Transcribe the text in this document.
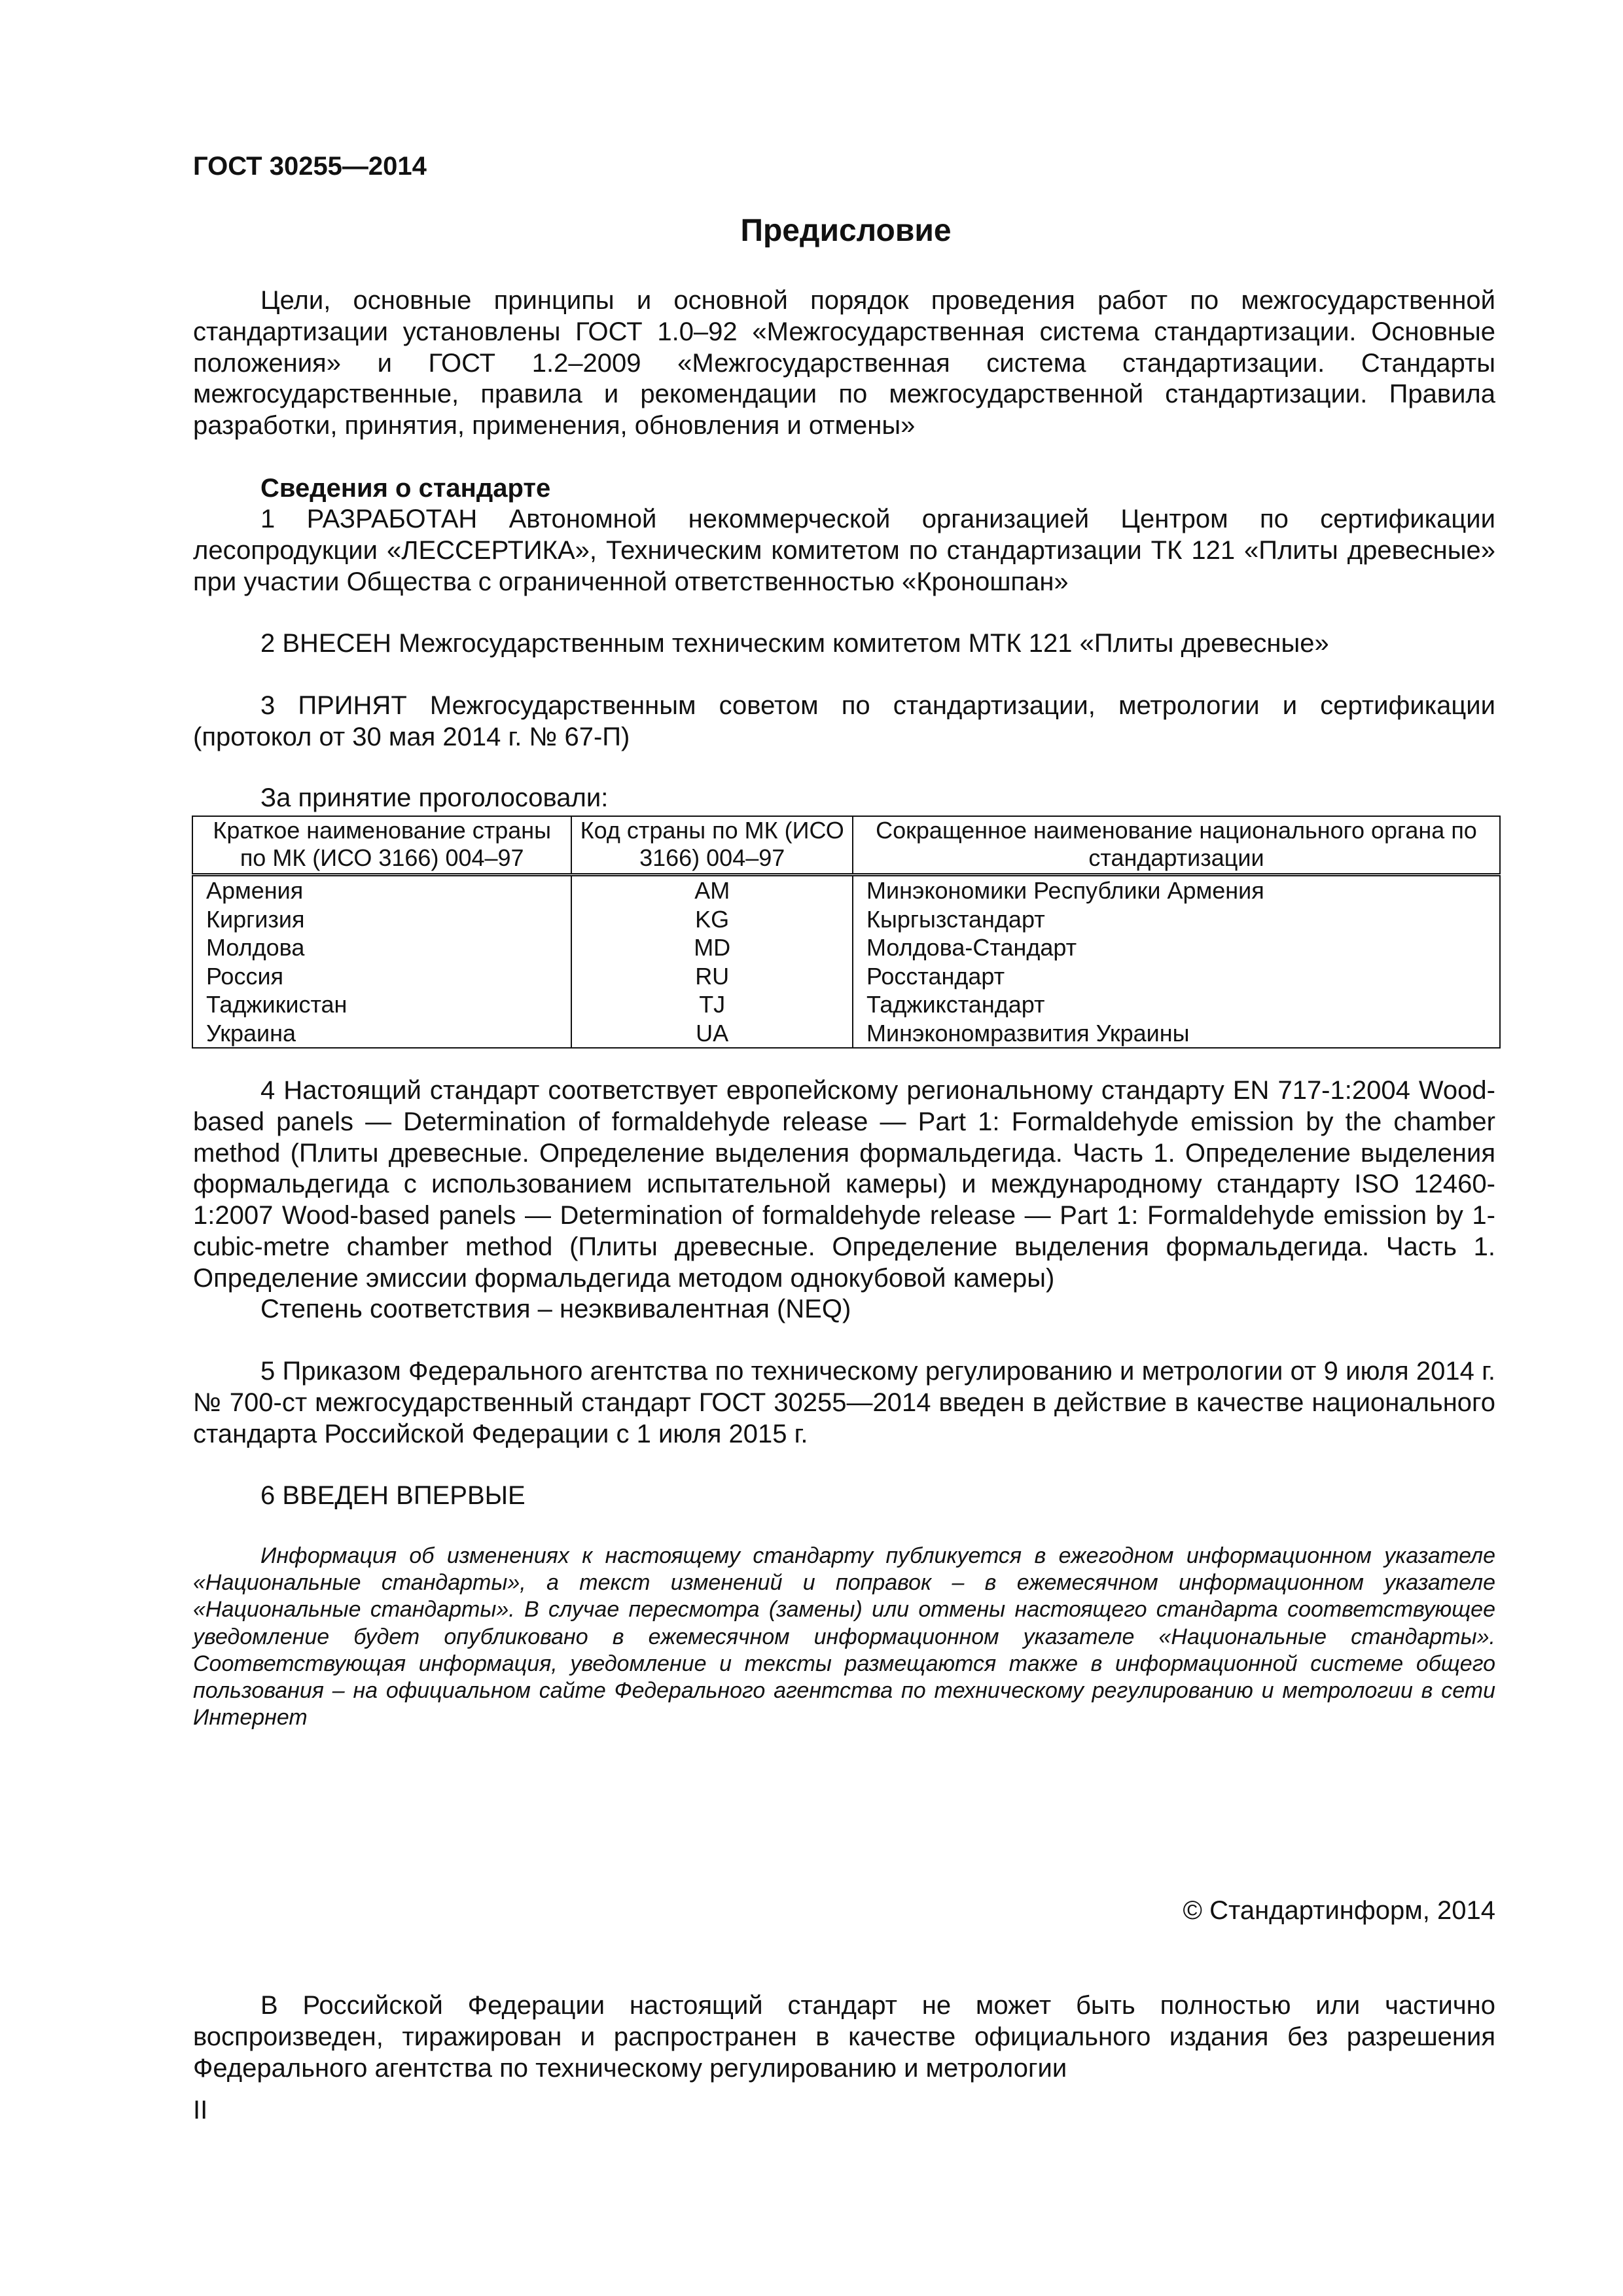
ГОСТ 30255—2014

Предисловие

Цели, основные принципы и основной порядок проведения работ по межгосударственной стандартизации установлены ГОСТ 1.0–92 «Межгосударственная система стандартизации. Основные положения» и ГОСТ 1.2–2009 «Межгосударственная система стандартизации. Стандарты межгосударственные, правила и рекомендации по межгосударственной стандартизации. Правила разработки, принятия, применения, обновления и отмены»

Сведения о стандарте

1 РАЗРАБОТАН Автономной некоммерческой организацией Центром по сертификации лесопродукции «ЛЕССЕРТИКА», Техническим комитетом по стандартизации ТК 121 «Плиты древесные» при участии Общества с ограниченной ответственностью «Кроношпан»

2 ВНЕСЕН Межгосударственным техническим комитетом МТК 121 «Плиты древесные»

3 ПРИНЯТ Межгосударственным советом по стандартизации, метрологии и сертификации (протокол от 30 мая 2014 г. № 67-П)

За принятие проголосовали:

Краткое наименование страны по МК (ИСО 3166) 004–97	Код страны по МК (ИСО 3166) 004–97	Сокращенное наименование национального органа по стандартизации
Армения	AM	Минэкономики Республики Армения
Киргизия	KG	Кыргызстандарт
Молдова	MD	Молдова-Стандарт
Россия	RU	Росстандарт
Таджикистан	TJ	Таджикстандарт
Украина	UA	Минэкономразвития Украины

4 Настоящий стандарт соответствует европейскому региональному стандарту EN 717-1:2004 Wood-based panels — Determination of formaldehyde release — Part 1: Formaldehyde emission by the chamber method (Плиты древесные. Определение выделения формальдегида. Часть 1. Определение выделения формальдегида с использованием испытательной камеры) и международному стандарту ISO 12460-1:2007 Wood-based panels — Determination of formaldehyde release — Part 1: Formaldehyde emission by 1-cubic-metre chamber method (Плиты древесные. Определение выделения формальдегида. Часть 1. Определение эмиссии формальдегида методом однокубовой камеры)

Степень соответствия – неэквивалентная (NEQ)

5 Приказом Федерального агентства по техническому регулированию и метрологии от 9 июля 2014 г. № 700-ст межгосударственный стандарт ГОСТ 30255—2014 введен в действие в качестве национального стандарта Российской Федерации с 1 июля 2015 г.

6 ВВЕДЕН ВПЕРВЫЕ

Информация об изменениях к настоящему стандарту публикуется в ежегодном информационном указателе «Национальные стандарты», а текст изменений и поправок – в ежемесячном информационном указателе «Национальные стандарты». В случае пересмотра (замены) или отмены настоящего стандарта соответствующее уведомление будет опубликовано в ежемесячном информационном указателе «Национальные стандарты». Соответствующая информация, уведомление и тексты размещаются также в информационной системе общего пользования – на официальном сайте Федерального агентства по техническому регулированию и метрологии в сети Интернет

© Стандартинформ, 2014

В Российской Федерации настоящий стандарт не может быть полностью или частично воспроизведен, тиражирован и распространен в качестве официального издания без разрешения Федерального агентства по техническому регулированию и метрологии

II
